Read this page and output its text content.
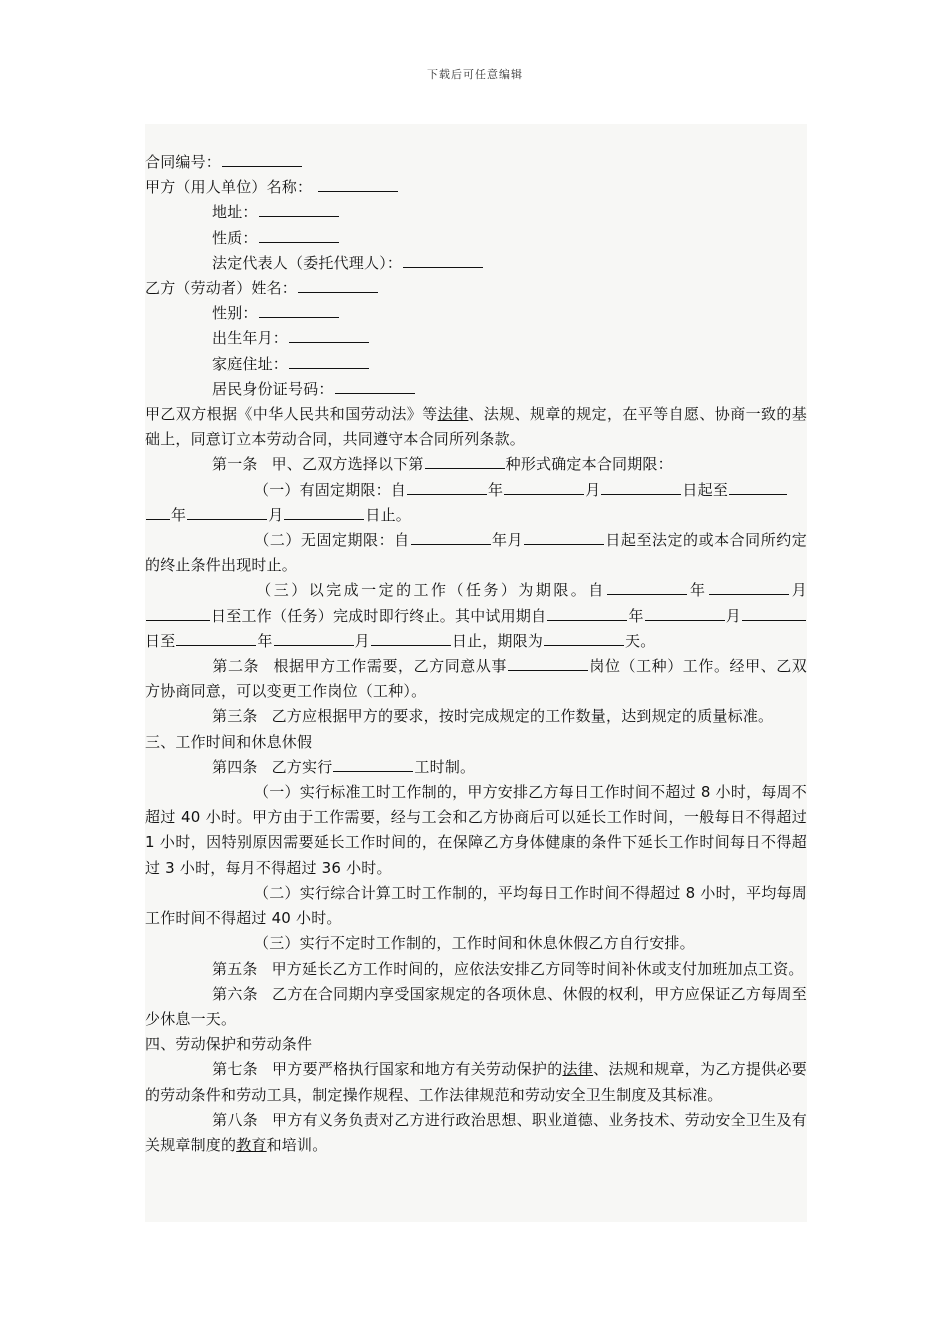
下载后可任意编辑
合同编号：
甲方（用人单位）名称：
地址：
性质：
法定代表人（委托代理人）：
乙方（劳动者）姓名：
性别：
出生年月：
家庭住址：
居民身份证号码：
甲乙双方根据《中华人民共和国劳动法》等法律、法规、规章的规定，在平等自愿、协商一致的基础上，同意订立本劳动合同，共同遵守本合同所列条款。
第一条 甲、乙双方选择以下第	种形式确定本合同期限：
（一）有固定期限：自	年	月	日起至
年	月	日止。
（二）无固定期限：自	年月	日起至法定的或本合同所约定的终止条件出现时止。
（三）以完成一定的工作（任务）为期限。自	年	月日至工作（任务）完成时即行终止。其中试用期自	年	月日至	年	月	日止，期限为	天。
第二条 根据甲方工作需要，乙方同意从事	岗位（工种）工作。经甲、乙双方协商同意，可以变更工作岗位（工种）。
第三条 乙方应根据甲方的要求，按时完成规定的工作数量，达到规定的质量标准。
三、工作时间和休息休假
第四条 乙方实行	工时制。
（一）实行标准工时工作制的，甲方安排乙方每日工作时间不超过 8 小时，每周不超过 40 小时。甲方由于工作需要，经与工会和乙方协商后可以延长工作时间，一般每日不得超过 1 小时，因特别原因需要延长工作时间的，在保障乙方身体健康的条件下延长工作时间每日不得超过 3 小时，每月不得超过 36 小时。
（二）实行综合计算工时工作制的，平均每日工作时间不得超过 8 小时，平均每周工作时间不得超过 40 小时。
（三）实行不定时工作制的，工作时间和休息休假乙方自行安排。
第五条 甲方延长乙方工作时间的，应依法安排乙方同等时间补休或支付加班加点工资。
第六条 乙方在合同期内享受国家规定的各项休息、休假的权利，甲方应保证乙方每周至少休息一天。
四、劳动保护和劳动条件
第七条 甲方要严格执行国家和地方有关劳动保护的法律、法规和规章，为乙方提供必要的劳动条件和劳动工具，制定操作规程、工作法律规范和劳动安全卫生制度及其标准。
第八条 甲方有义务负责对乙方进行政治思想、职业道德、业务技术、劳动安全卫生及有关规章制度的教育和培训。
